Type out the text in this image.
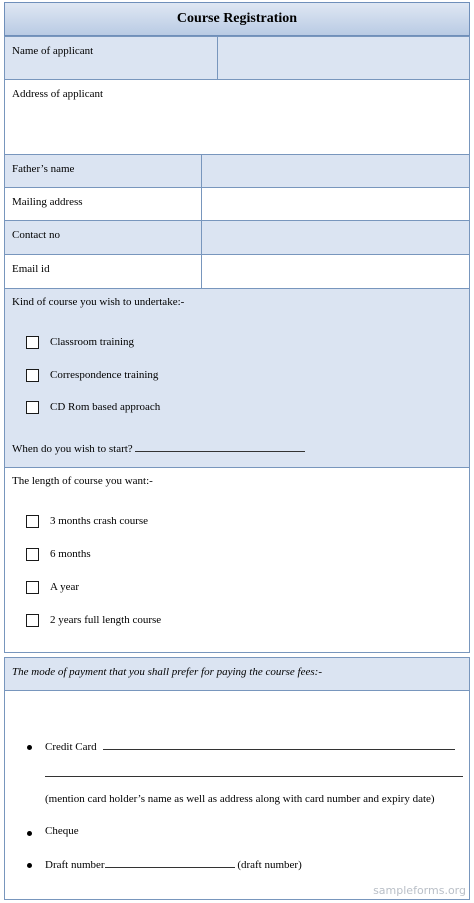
Course Registration
Name of applicant
Address of applicant
Father’s name
Mailing address
Contact no
Email id
Kind of course you wish to undertake:-
Classroom training
Correspondence training
CD Rom based approach
When do you wish to start?
The length of course you want:-
3 months crash course
6 months
A year
2 years full length course
The mode of payment that you shall prefer for paying the course fees:-
Credit Card
(mention card holder’s name as well as address along with card number and expiry date)
Cheque
Draft number	(draft number)
sampleforms.org
